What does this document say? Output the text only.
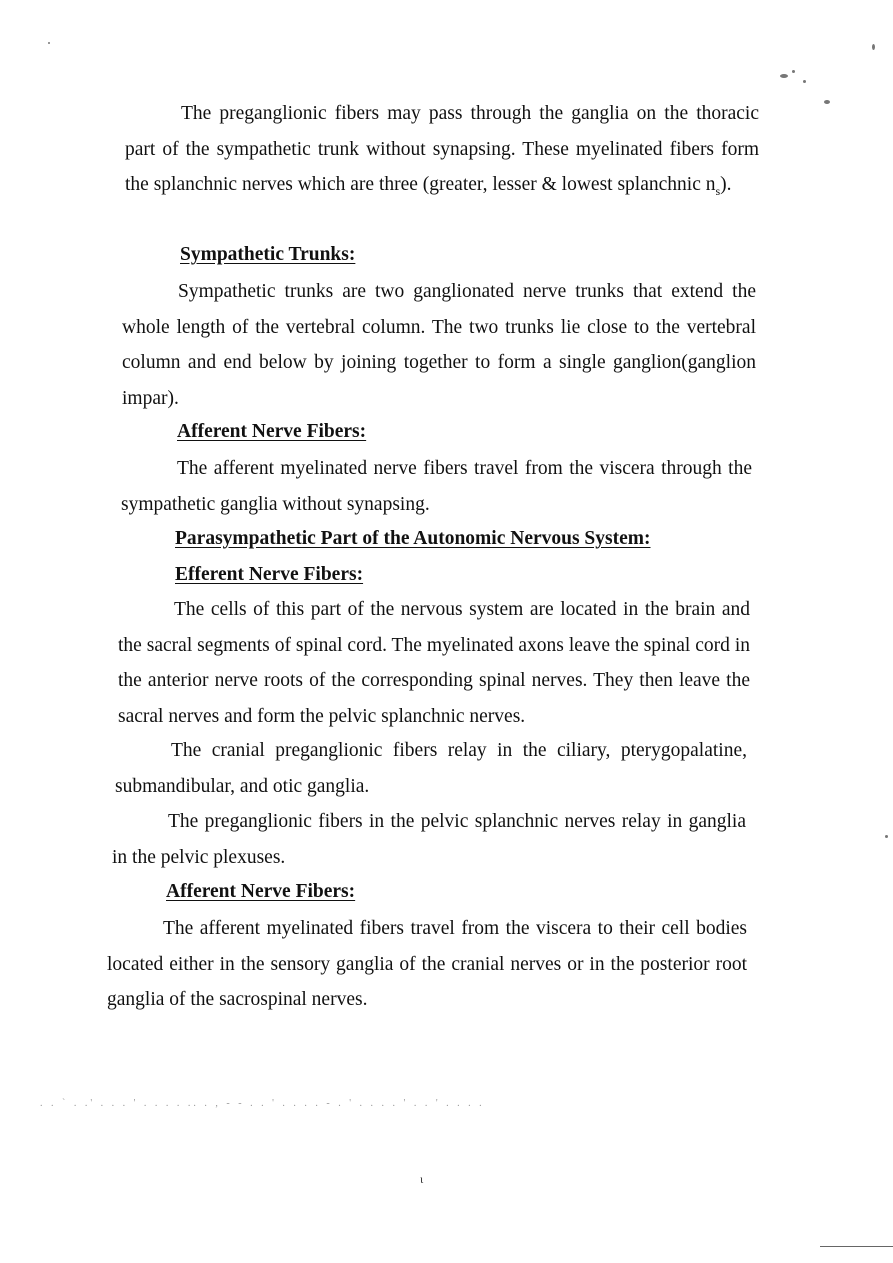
. . ` . .' . . . ' . . . . .. . , - - . . ' . . . . - . ' . . . . ' . . ' . . . .

The preganglionic fibers may pass through the ganglia on the thoracic part of the sympathetic trunk without synapsing. These myelinated fibers form the splanchnic nerves which are three (greater, lesser & lowest splanchnic $n_s$).

Sympathetic Trunks:

Sympathetic trunks are two ganglionated nerve trunks that extend the whole length of the vertebral column. The two trunks lie close to the vertebral column and end below by joining together to form a single ganglion(ganglion impar).

Afferent Nerve Fibers:

The afferent myelinated nerve fibers travel from the viscera through the sympathetic ganglia without synapsing.

Parasympathetic Part of the Autonomic Nervous System:
Efferent Nerve Fibers:

The cells of this part of the nervous system are located in the brain and the sacral segments of spinal cord. The myelinated axons leave the spinal cord in the anterior nerve roots of the corresponding spinal nerves. They then leave the sacral nerves and form the pelvic splanchnic nerves.

The cranial preganglionic fibers relay in the ciliary, pterygopalatine, submandibular, and otic ganglia.

The preganglionic fibers in the pelvic splanchnic nerves relay in ganglia in the pelvic plexuses.

Afferent Nerve Fibers:

The afferent myelinated fibers travel from the viscera to their cell bodies located either in the sensory ganglia of the cranial nerves or in the posterior root ganglia of the sacrospinal nerves.

ι
